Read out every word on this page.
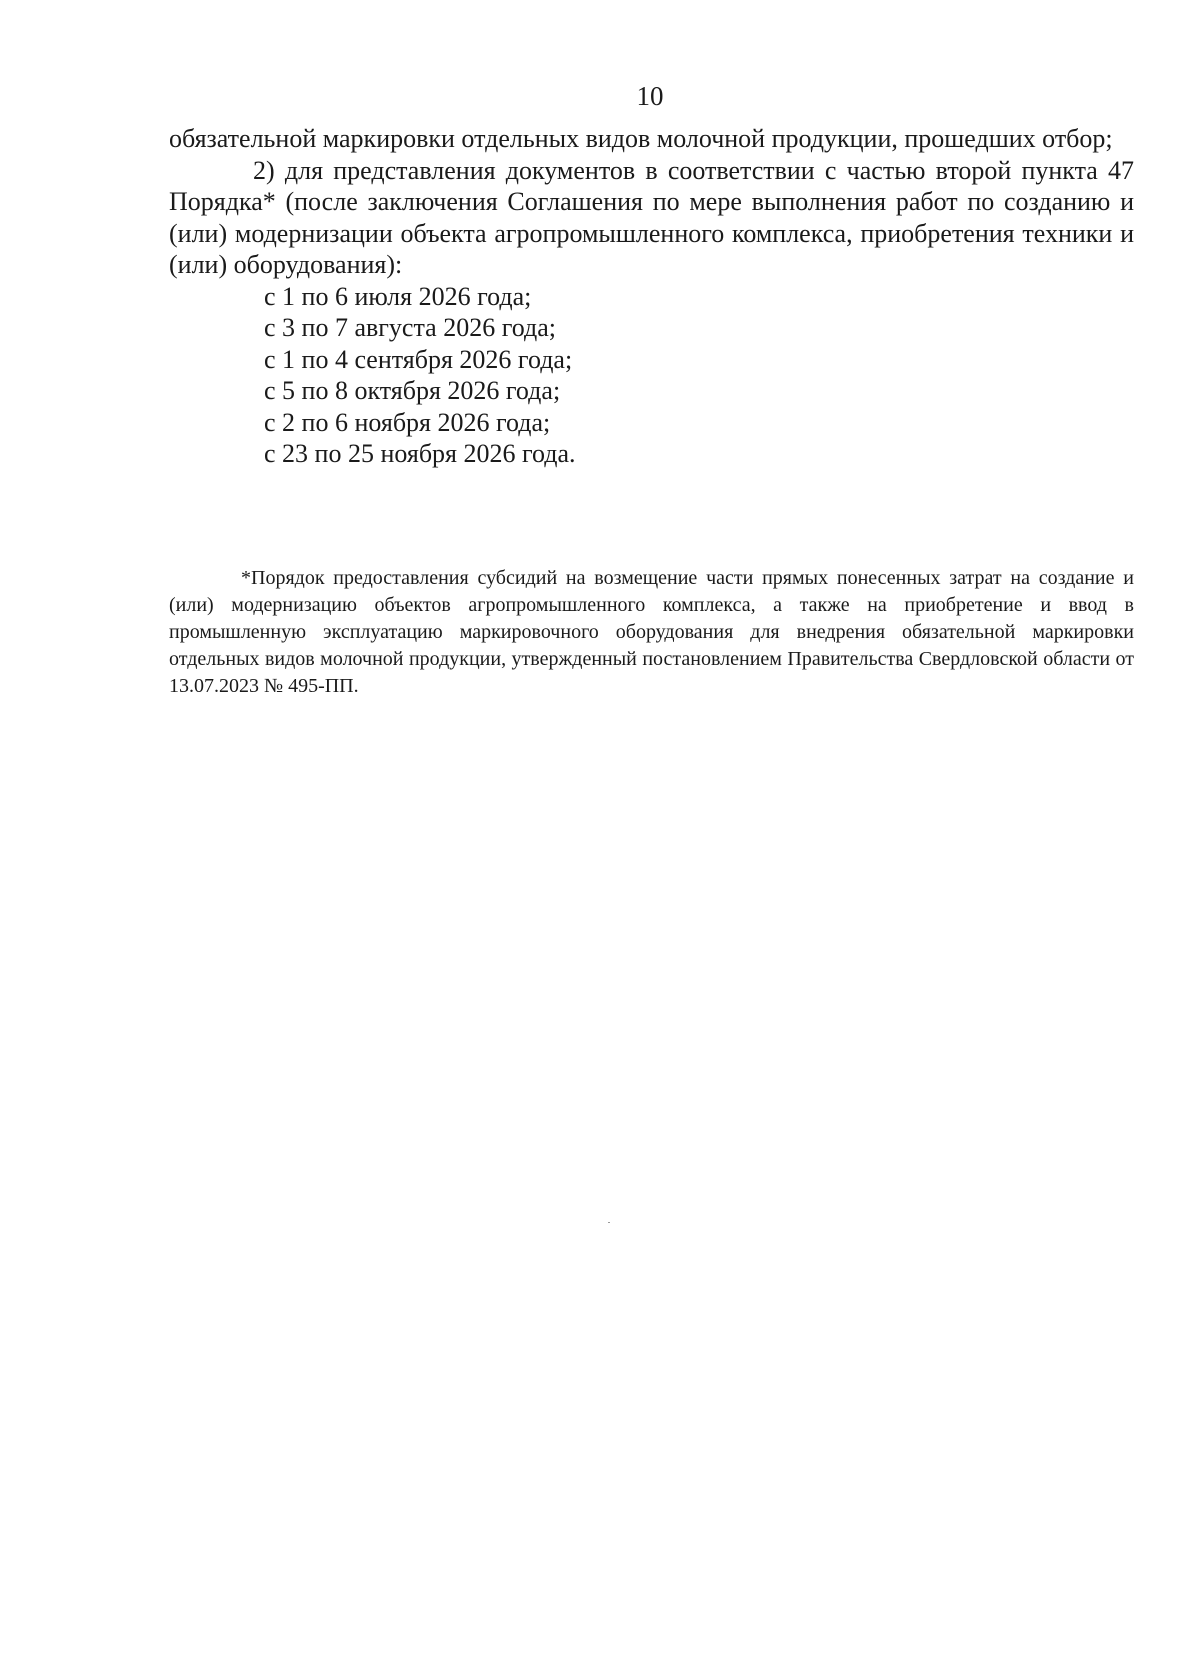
10

обязательной маркировки отдельных видов молочной продукции, прошедших отбор;

2) для представления документов в соответствии с частью второй пункта 47 Порядка* (после заключения Соглашения по мере выполнения работ по созданию и (или) модернизации объекта агропромышленного комплекса, приобретения техники и (или) оборудования):

с 1 по 6 июля 2026 года;
с 3 по 7 августа 2026 года;
с 1 по 4 сентября 2026 года;
с 5 по 8 октября 2026 года;
с 2 по 6 ноября 2026 года;
с 23 по 25 ноября 2026 года.

*Порядок предоставления субсидий на возмещение части прямых понесенных затрат на создание и (или) модернизацию объектов агропромышленного комплекса, а также на приобретение и ввод в промышленную эксплуатацию маркировочного оборудования для внедрения обязательной маркировки отдельных видов молочной продукции, утвержденный постановлением Правительства Свердловской области от 13.07.2023 № 495-ПП.
